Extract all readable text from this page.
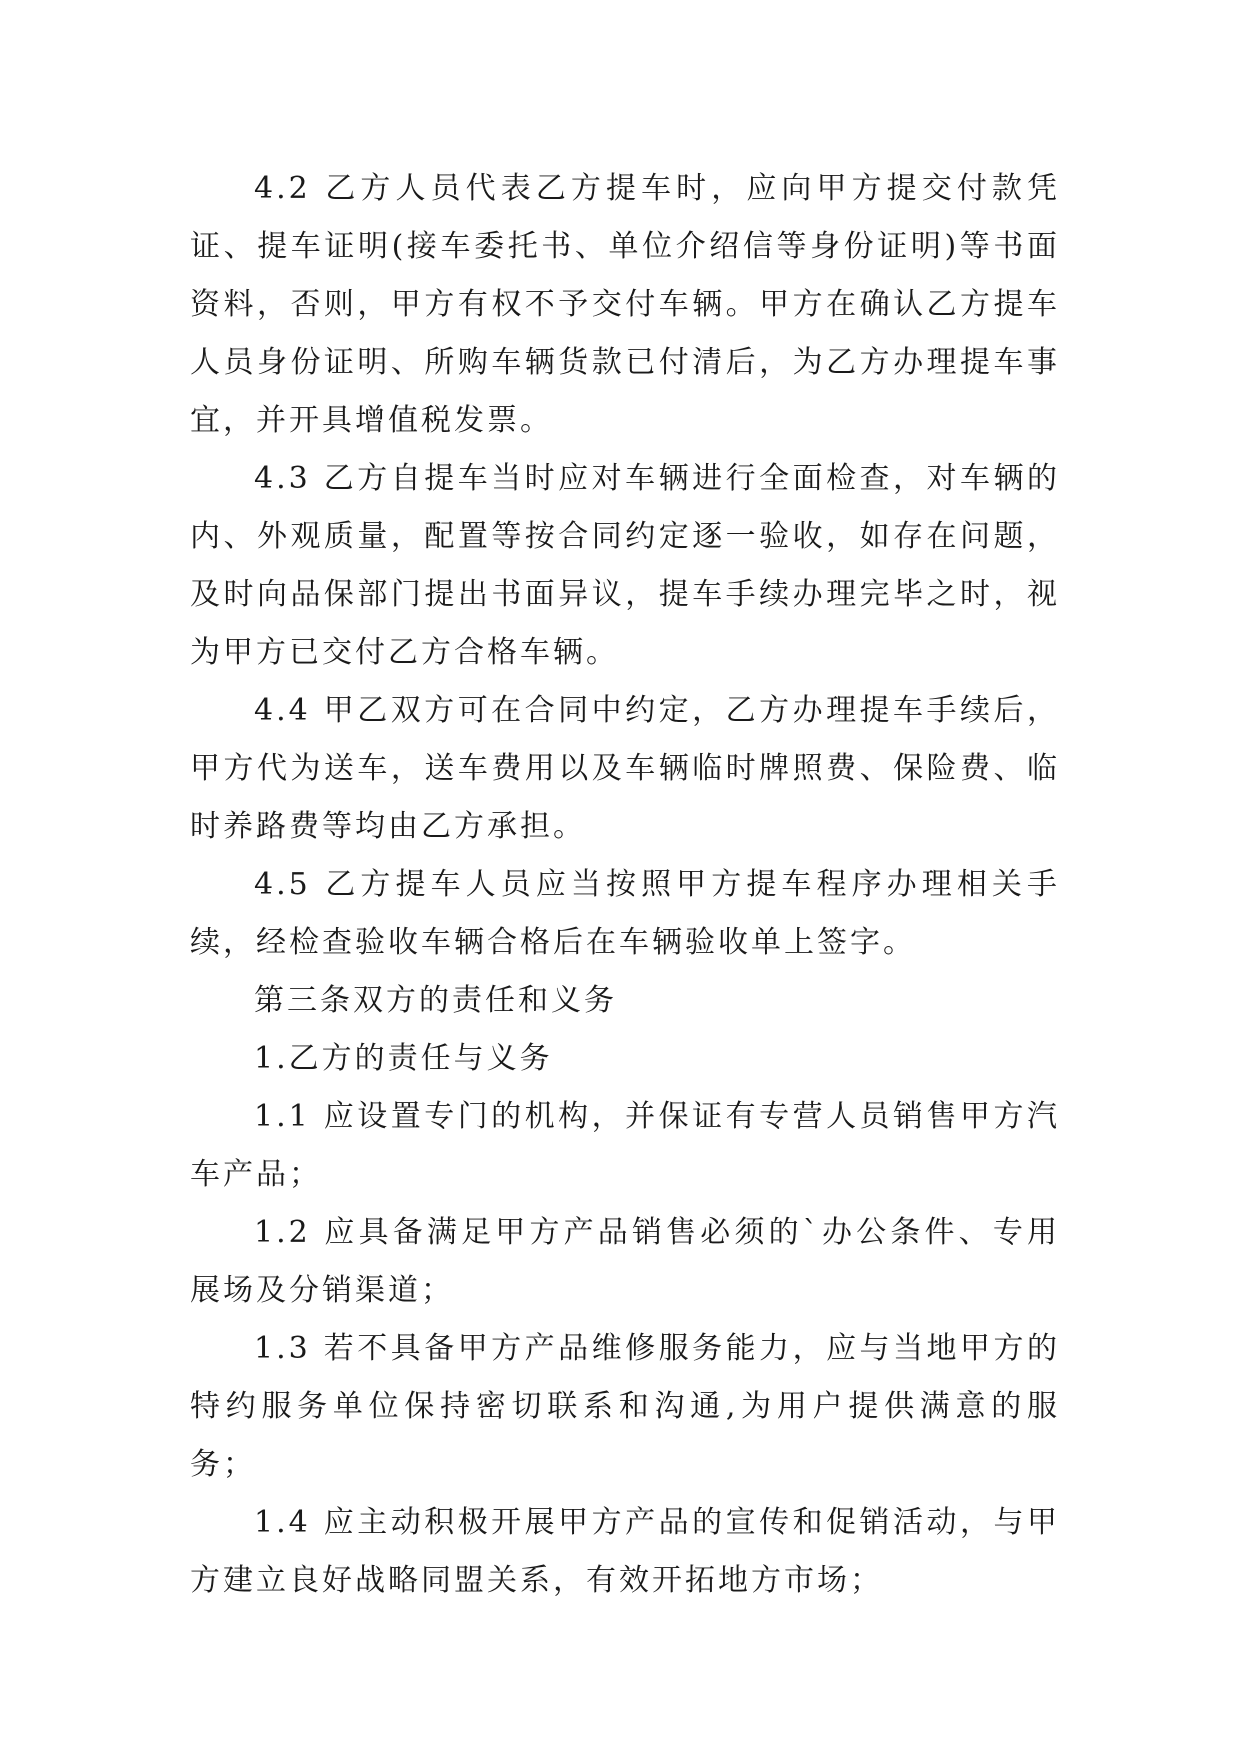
4.2 乙方人员代表乙方提车时，应向甲方提交付款凭证、提车证明(接车委托书、单位介绍信等身份证明)等书面资料，否则，甲方有权不予交付车辆。甲方在确认乙方提车人员身份证明、所购车辆货款已付清后，为乙方办理提车事宜，并开具增值税发票。

4.3 乙方自提车当时应对车辆进行全面检查，对车辆的内、外观质量，配置等按合同约定逐一验收，如存在问题，及时向品保部门提出书面异议，提车手续办理完毕之时，视为甲方已交付乙方合格车辆。

4.4 甲乙双方可在合同中约定，乙方办理提车手续后，甲方代为送车，送车费用以及车辆临时牌照费、保险费、临时养路费等均由乙方承担。

4.5 乙方提车人员应当按照甲方提车程序办理相关手续，经检查验收车辆合格后在车辆验收单上签字。

第三条双方的责任和义务

1.乙方的责任与义务

1.1 应设置专门的机构，并保证有专营人员销售甲方汽车产品；

1.2 应具备满足甲方产品销售必须的`办公条件、专用展场及分销渠道；

1.3 若不具备甲方产品维修服务能力，应与当地甲方的特约服务单位保持密切联系和沟通,为用户提供满意的服务；

1.4 应主动积极开展甲方产品的宣传和促销活动，与甲方建立良好战略同盟关系，有效开拓地方市场；
